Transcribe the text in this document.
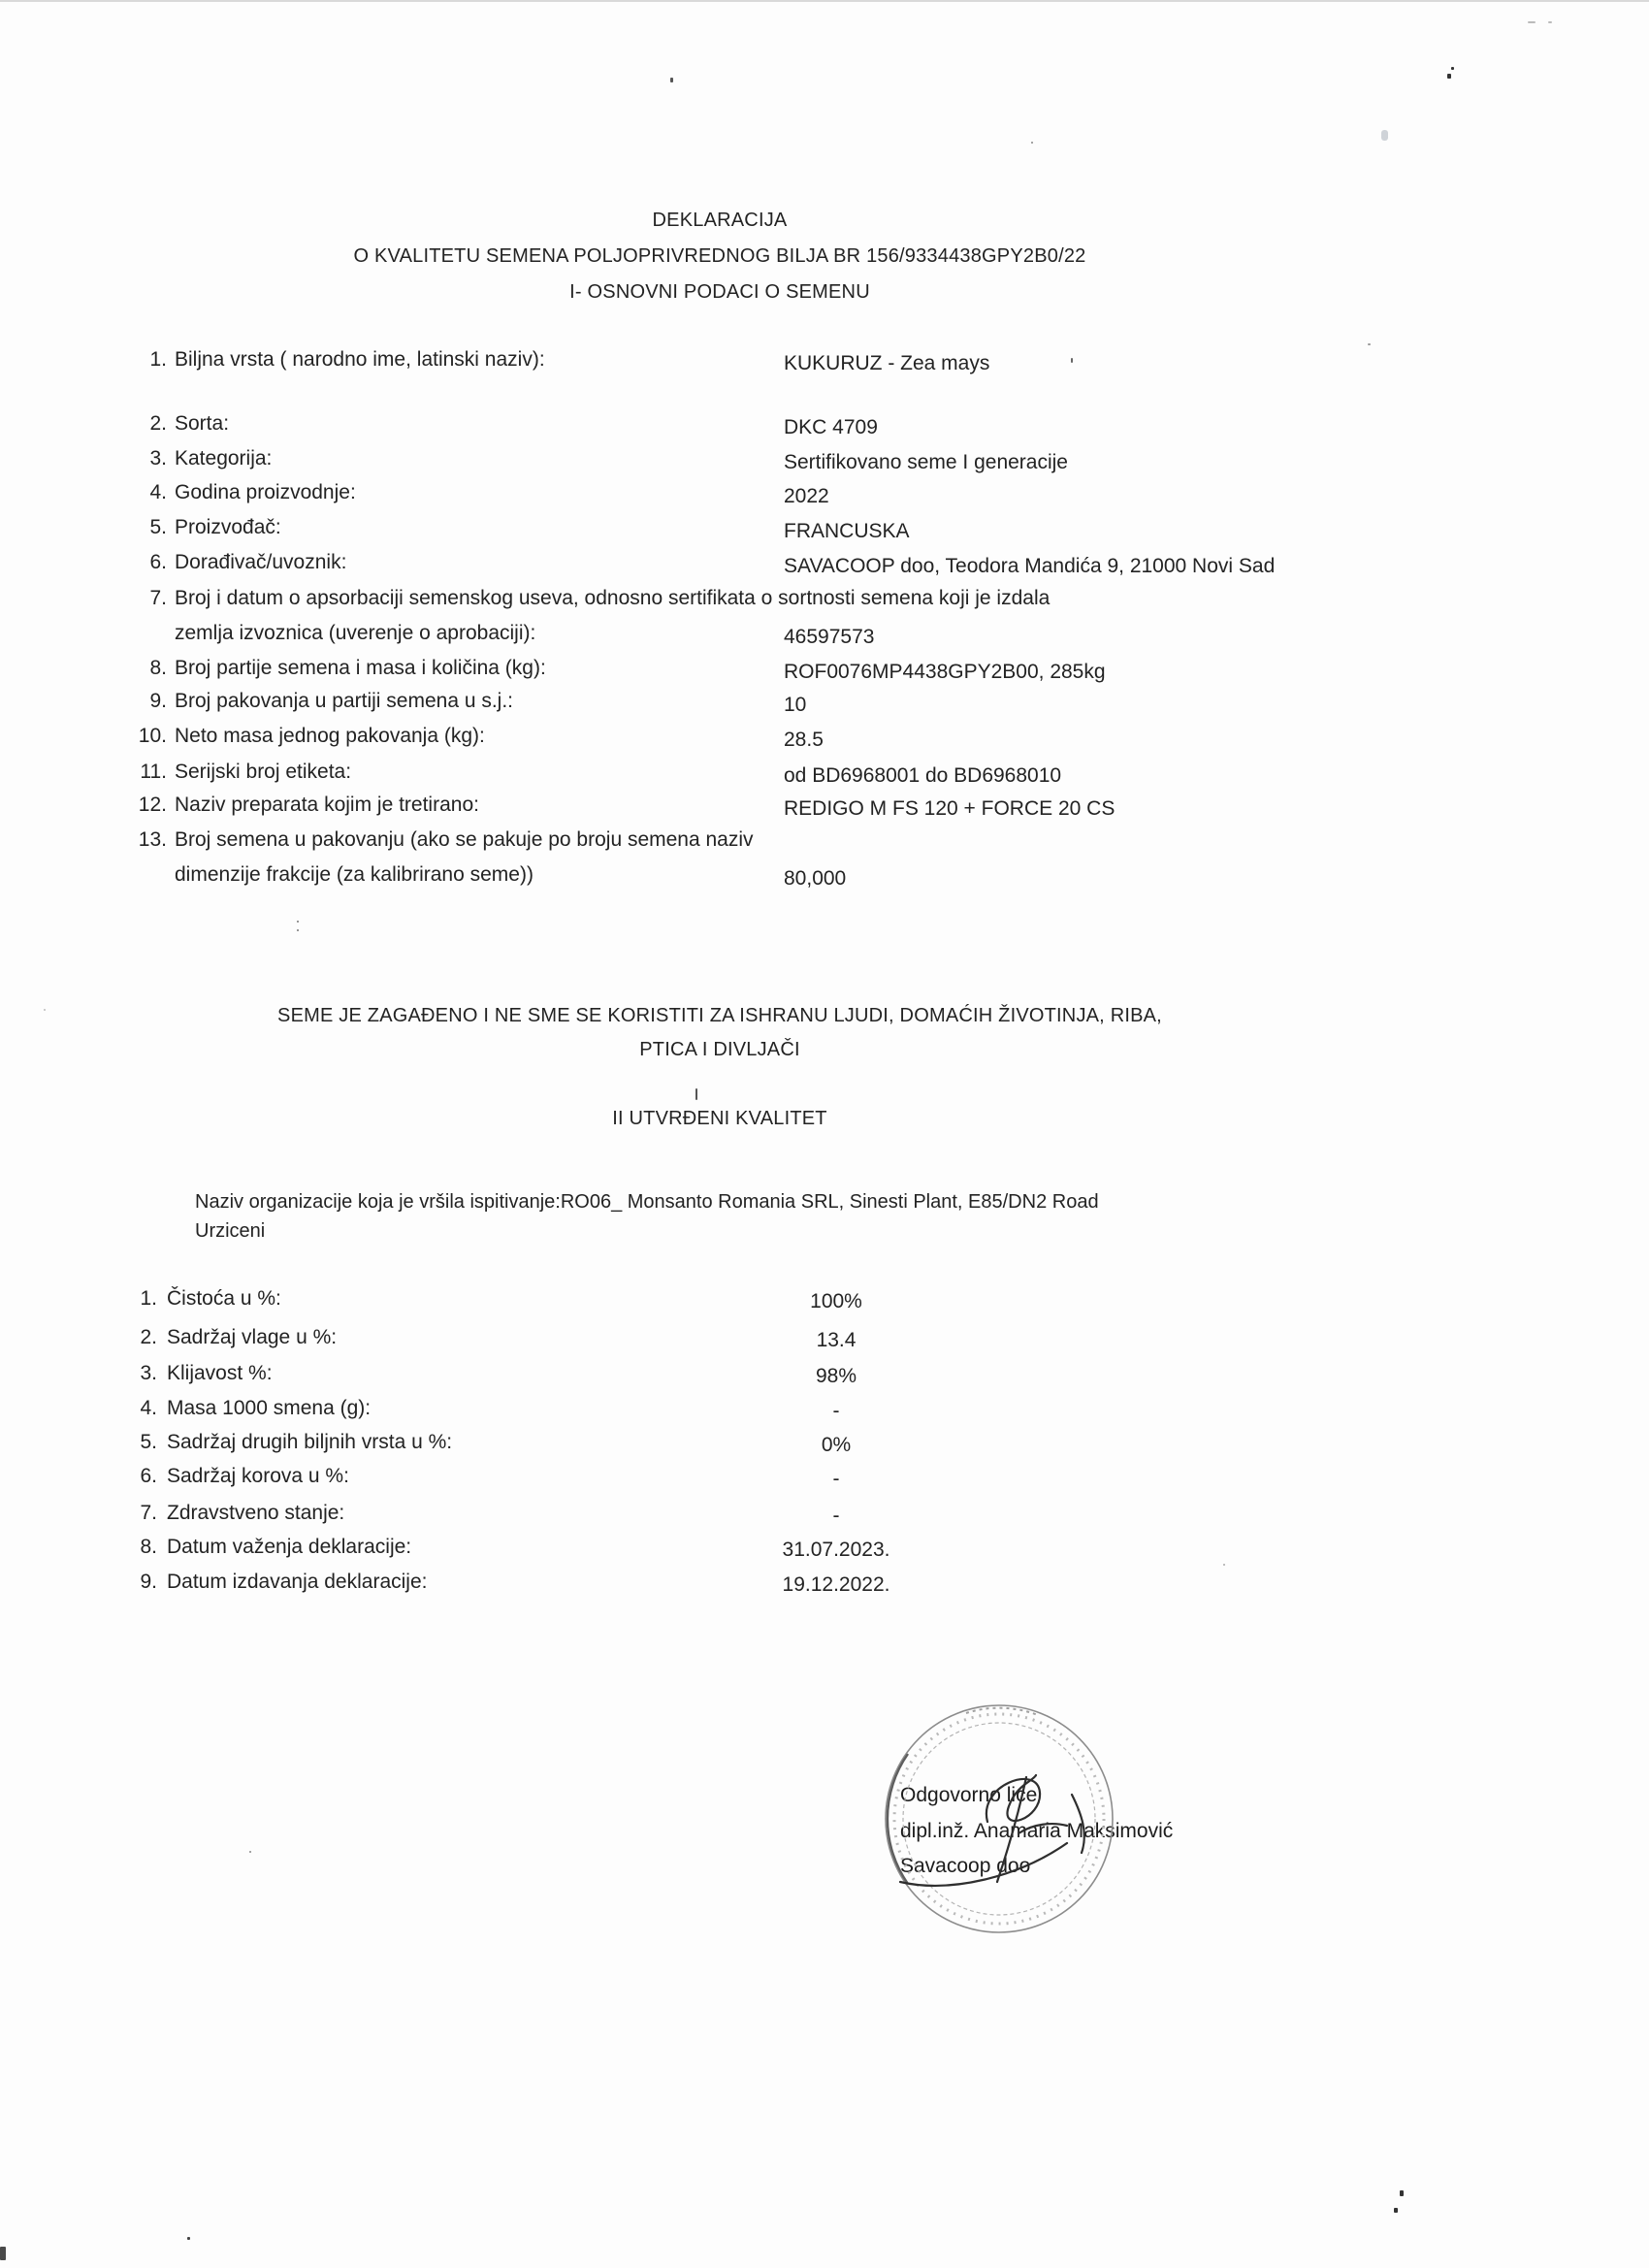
DEKLARACIJA
O KVALITETU SEMENA POLJOPRIVREDNOG BILJA BR 156/9334438GPY2B0/22
I- OSNOVNI PODACI O SEMENU
1. Biljna vrsta ( narodno ime, latinski naziv):	KUKURUZ - Zea mays
2. Sorta:	DKC 4709
3. Kategorija:	Sertifikovano seme I generacije
4. Godina proizvodnje:	2022
5. Proizvođač:	FRANCUSKA
6. Dorađivač/uvoznik:	SAVACOOP doo, Teodora Mandića 9, 21000 Novi Sad
7. Broj i datum o apsorbaciji semenskog useva, odnosno sertifikata o sortnosti semena koji je izdala
zemlja izvoznica (uverenje o aprobaciji):	46597573
8. Broj partije semena i masa i količina (kg):	ROF0076MP4438GPY2B00, 285kg
9. Broj pakovanja u partiji semena u s.j.:	10
10. Neto masa jednog pakovanja (kg):	28.5
11. Serijski broj etiketa:	od BD6968001 do BD6968010
12. Naziv preparata kojim je tretirano:	REDIGO M FS 120 + FORCE 20 CS
13. Broj semena u pakovanju (ako se pakuje po broju semena naziv
dimenzije frakcije (za kalibrirano seme))	80,000
SEME JE ZAGAĐENO I NE SME SE KORISTITI ZA ISHRANU LJUDI, DOMAĆIH ŽIVOTINJA, RIBA,
PTICA I DIVLJAČI
II UTVRĐENI KVALITET
Naziv organizacije koja je vršila ispitivanje:RO06_ Monsanto Romania SRL, Sinesti Plant, E85/DN2 Road
Urziceni
1. Čistoća u %:	100%
2. Sadržaj vlage u %:	13.4
3. Klijavost %:	98%
4. Masa 1000 smena (g):	-
5. Sadržaj drugih biljnih vrsta u %:	0%
6. Sadržaj korova u %:	-
7. Zdravstveno stanje:	-
8. Datum važenja deklaracije:	31.07.2023.
9. Datum izdavanja deklaracije:	19.12.2022.
Odgovorno lice
dipl.inž. Anamaria Maksimović
Savacoop doo
